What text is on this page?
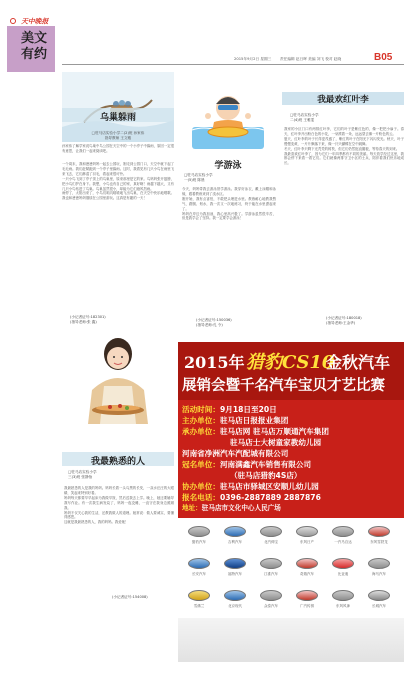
天中晚报
美文
有约	2015年9月2日 星期三 责任编辑 赵日晖 美编 刘飞 校对 赵晓	B05
乌巢躲雨
□驻马店实验小学二(2)班 孙家伟
指导教师 王文雅
孙家伟了解学家说鸟巢中鸟公园在天空中的一个小亭子中躲雨，原因一定很有意思，让我们一起来阅读吧。
一个周末，我和爸爸妈妈一起去公园玩，刚走到公园门口，天空中就下起了毛毛雨。我们赶紧跑到一个亭子里躲雨。这时，我看见有几只小鸟在雨里飞来飞去，它们淋湿了羽毛，看起来很可怜。
一只小鸟飞到了亭子顶上的鸟巢里，原来那里是它的家。鸟妈妈张开翅膀，把小鸟们护在身下。我想，小鸟也有自己的家，真好啊！雨越下越大，又有几只小鸟钻进了鸟巢。鸟巢虽然很小，却能为它们遮风挡雨。
雨停了，太阳出来了，小鸟们叽叽喳喳地飞出鸟巢，在天空中快乐地唱歌。我也和爸爸妈妈继续在公园里游玩。这真是有趣的一天！
(小记者证号:182301)
(指导老师:张 鑫)
学游泳
□驻马店实验小学
一(5)班 陈晨
今天，妈妈带我去游泳馆学游泳。我穿好泳衣，戴上泳帽和泳镜，跟着教练来到了浅水区。
刚开始，我有点害怕，不敢把头埋进水里。教练耐心地教我憋气、蹬腿、划水，我一次又一次地练习，终于能在水里漂起来了。
妈妈在岸边为我加油，我心里高兴极了。学游泳虽然很辛苦，但是我学会了坚持。我一定要学会游泳！
(小记者证号:150036)
(指导老师:孔 令)
我最欢红叶李
□驻马店实验小学
二(4)班 王雅雯
我家的小区门口有两排红叶李，它们的叶子是紫红色的，像一把把小扇子。春天，红叶李开出粉白色的小花，一朵挨着一朵，远远望去像一片粉色的云。
夏天，红叶李的叶子长得更茂盛了，紫红的叶子在阳光下闪闪发光。秋天，叶子慢慢变黄，一片片飘落下来，像一只只蝴蝶在空中跳舞。
冬天，红叶李只剩下光秃秃的树枝，但它们仍然挺直腰板，等待春天的到来。
我最喜欢红叶李了，因为它们一年四季都有不同的美丽。每天放学经过这里，我都会停下来看一看它们。它们就像两排守卫小区的士兵，陪伴着我们快乐地成长。
(小记者证号:180018)
(指导老师:王金华)
我最熟悉的人
□驻马店实验小学
三(3)班 张静怡
我最熟悉的人是我的妈妈。妈妈长着一头乌黑的长发，一双水汪汪的大眼睛，笑起来特别好看。
妈妈每天都要早早起床为我做早饭，然后送我去上学。晚上，她还要辅导我写作业。有一次我生病发烧了，妈妈一夜没睡，一直守在我身边照顾我。
妈妈不仅关心我的生活，还教我做人的道理。她常说：做人要诚实，要懂得感恩。
这就是我最熟悉的人，我的妈妈。我爱她！
(小记者证号:154008)
2015年 猎豹CS10
金秋汽车
展销会暨千名汽车宝贝才艺比赛
活动时间：9月18日至20日
主办单位：驻马店日报报业集团
承办单位：驻马店网 驻马店万顺通汽车集团
驻马店士大树童家教幼儿园
河南省净洲汽车汽配城有限公司
冠名单位：河南满鑫汽车销售有限公司
（驻马店猎豹4S店）
协办单位：驻马店市驿城区安顺儿幼儿园
报名电话：0396-2887889 2887876
地址：驻马店市文化中心人民广场
猎豹汽车	吉利汽车	北汽绅宝	东风日产	一汽马自达	东风雪铁龙
长安汽车	福特汽车	江淮汽车	奇瑞汽车	比亚迪	海马汽车
雪佛兰	北京现代	众泰汽车	广汽传祺	东风风神	长城汽车
